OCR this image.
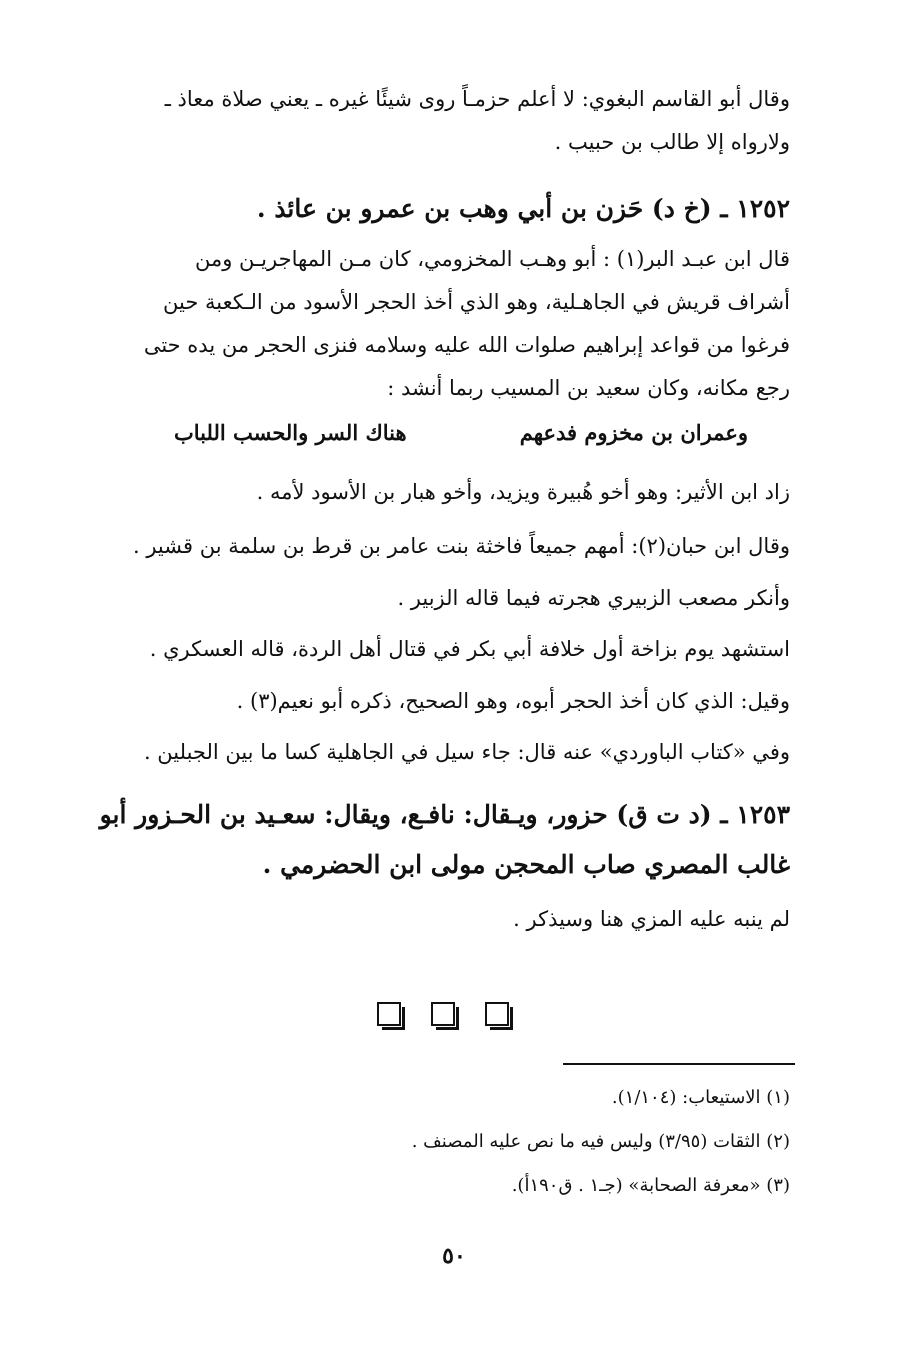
وقال أبو القاسم البغوي: لا أعلم حزمـاً روى شيئًا غيره ـ يعني صلاة معاذ ـ
ولارواه إلا طالب بن حبيب .
١٢٥٢ ـ (خ د) حَزن بن أبي وهب بن عمرو بن عائذ .
قال ابن عبـد البر(١) : أبو وهـب المخزومي، كان مـن المهاجريـن ومن
أشراف قريش في الجاهـلية، وهو الذي أخذ الحجر الأسود من الـكعبة حين
فرغوا من قواعد إبراهيم صلوات الله عليه وسلامه فنزى الحجر من يده حتى
رجع مكانه، وكان سعيد بن المسيب ربما أنشد :
وعمران بن مخزوم فدعهم
هناك السر والحسب اللباب
زاد ابن الأثير: وهو أخو هُبيرة ويزيد، وأخو هبار بن الأسود لأمه .
وقال ابن حبان(٢): أمهم جميعاً فاخثة بنت عامر بن قرط بن سلمة بن قشير .
وأنكر مصعب الزبيري هجرته فيما قاله الزبير .
استشهد يوم بزاخة أول خلافة أبي بكر في قتال أهل الردة، قاله العسكري .
وقيل: الذي كان أخذ الحجر أبوه، وهو الصحيح، ذكره أبو نعيم(٣) .
وفي «كتاب الباوردي» عنه قال: جاء سيل في الجاهلية كسا ما بين الجبلين .
١٢٥٣ ـ (د ت ق) حزور، ويـقال: نافـع، ويقال: سعـيد بن الحـزور أبو
غالب المصري صاب المحجن مولى ابن الحضرمي .
لم ينبه عليه المزي هنا وسيذكر .
(١) الاستيعاب: (١/١٠٤).
(٢) الثقات (٣/٩٥) وليس فيه ما نص عليه المصنف .
(٣) «معرفة الصحابة» (جـ١ . ق١٩٠أ).
٥٠
